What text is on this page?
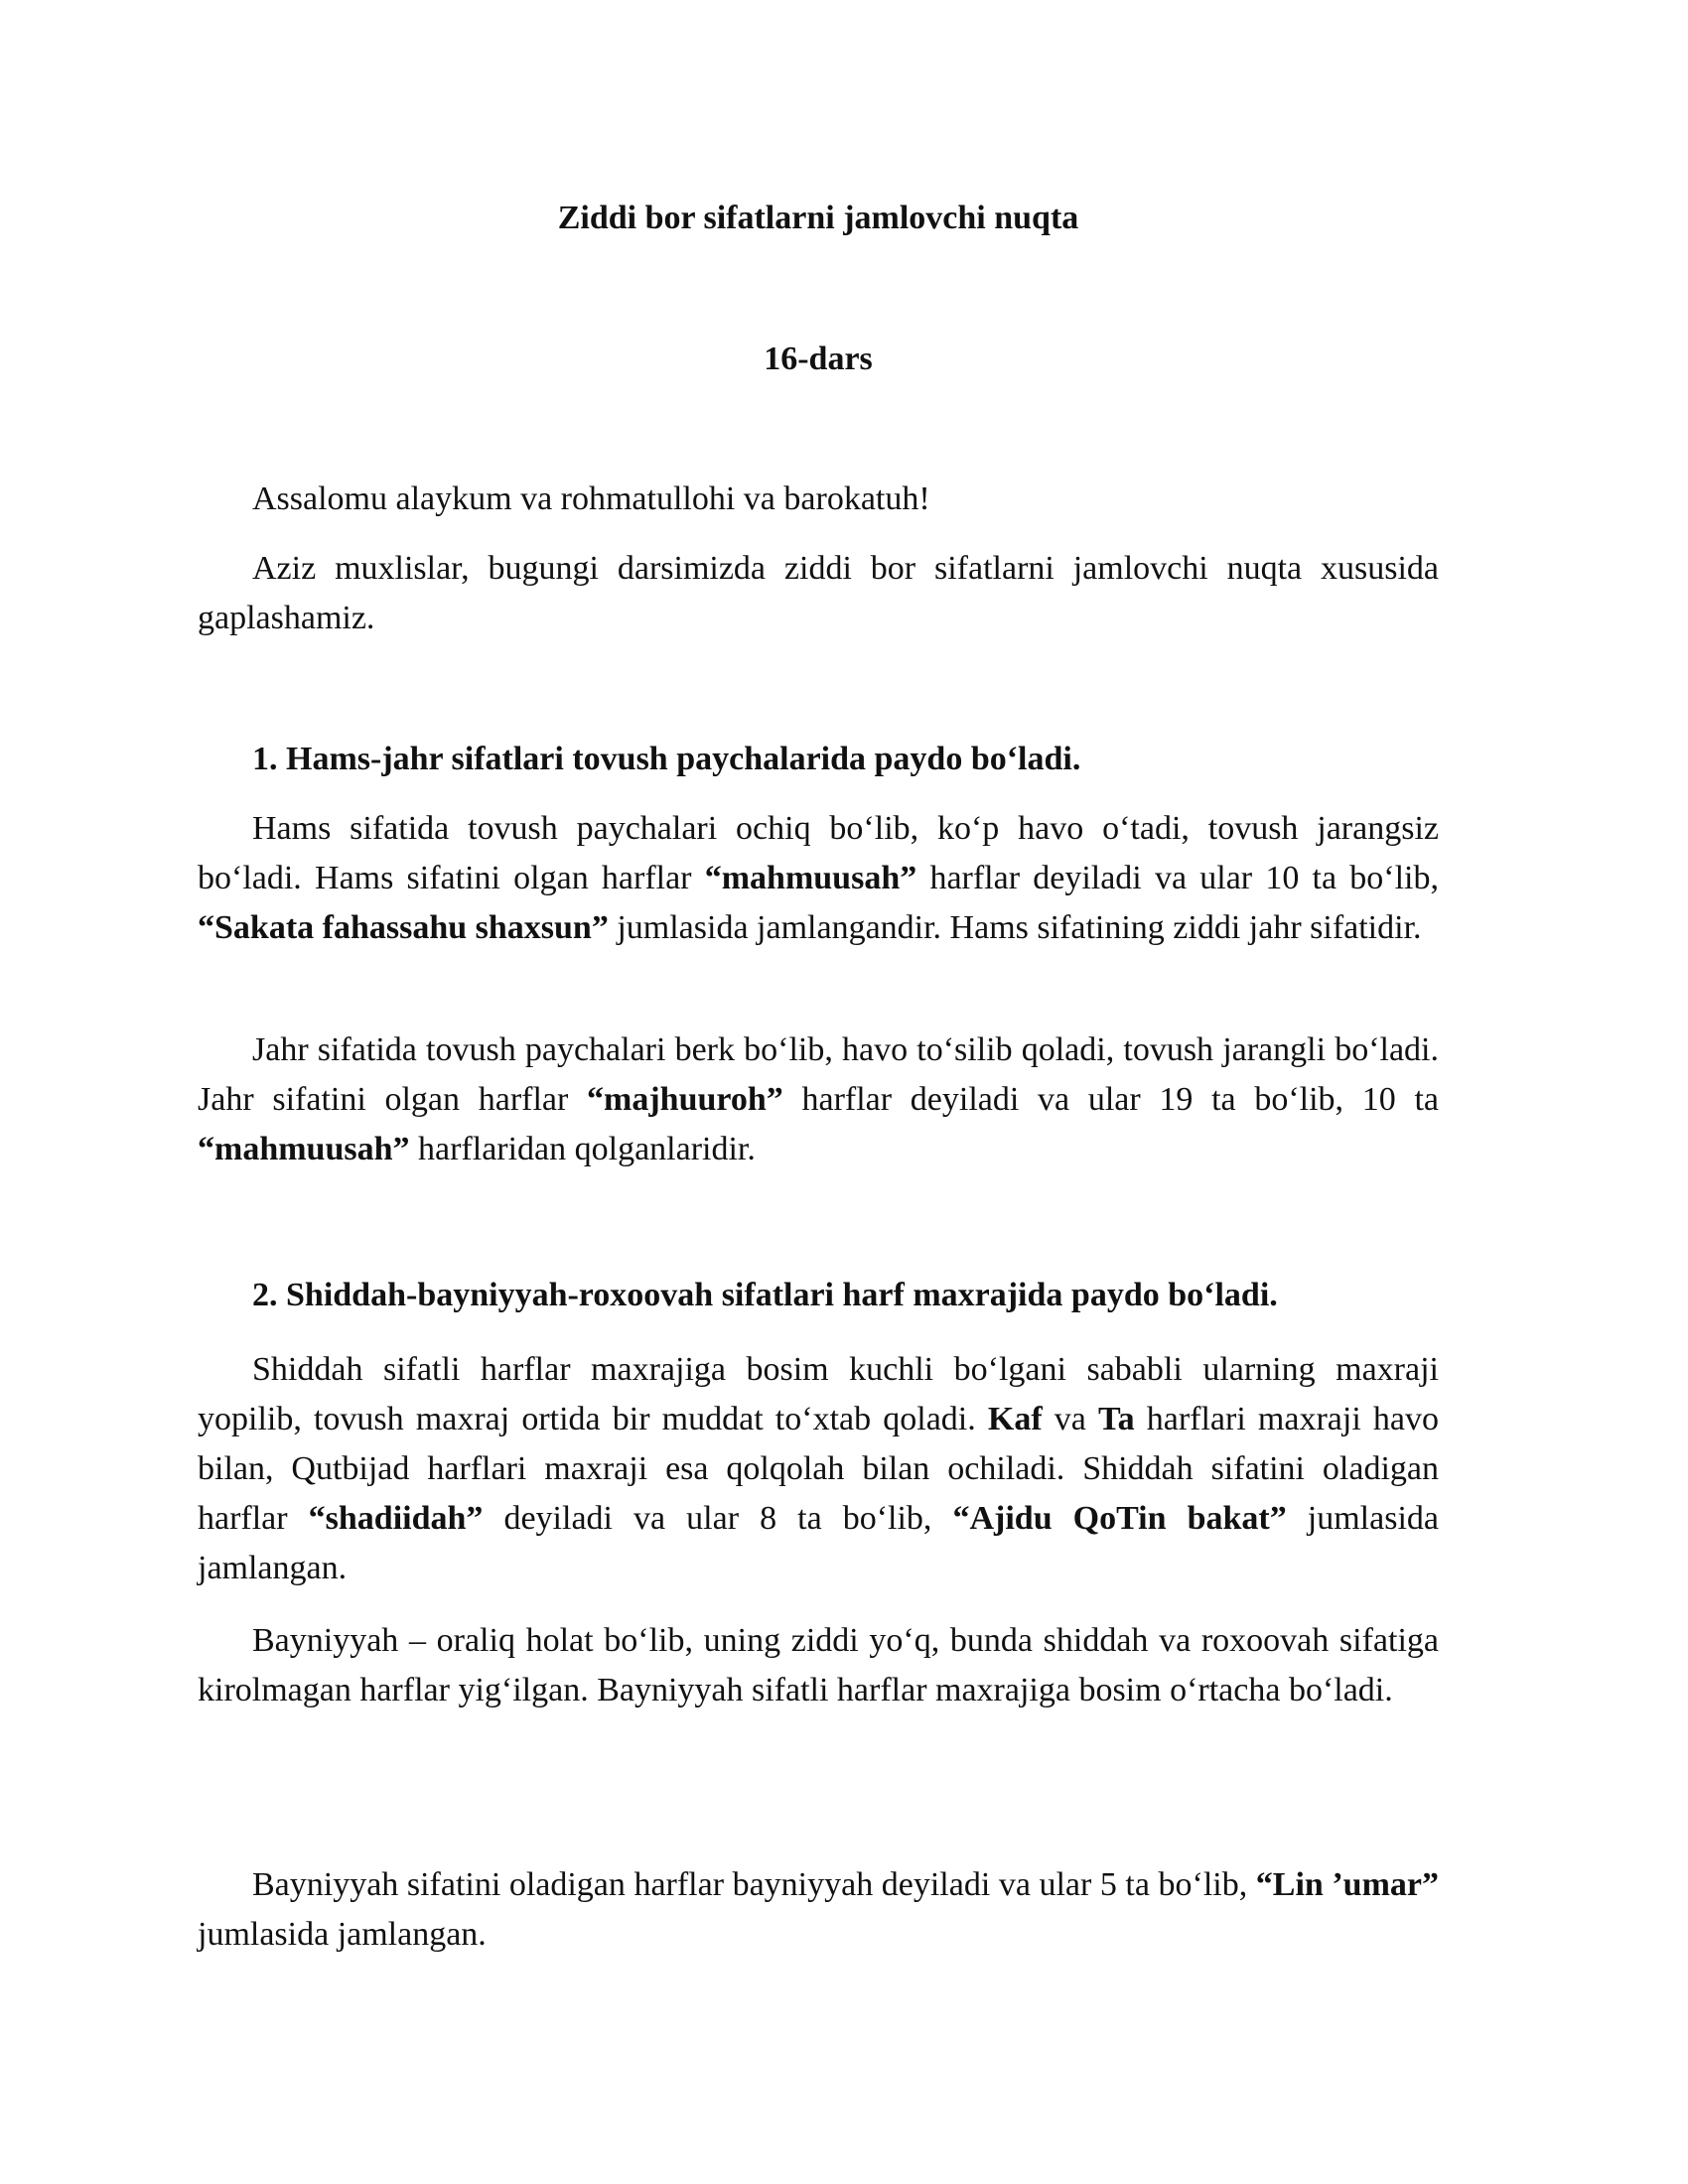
Ziddi bor sifatlarni jamlovchi nuqta
16-dars

Assalomu alaykum va rohmatullohi va barokatuh!

Aziz muxlislar, bugungi darsimizda ziddi bor sifatlarni jamlovchi nuqta xususida gaplashamiz.

1. Hams-jahr sifatlari tovush paychalarida paydo bo‘ladi.

Hams sifatida tovush paychalari ochiq bo‘lib, ko‘p havo o‘tadi, tovush jarangsiz bo‘ladi. Hams sifatini olgan harflar “mahmuusah” harflar deyiladi va ular 10 ta bo‘lib, “Sakata fahassahu shaxsun” jumlasida jamlangandir. Hams sifatining ziddi jahr sifatidir.

Jahr sifatida tovush paychalari berk bo‘lib, havo to‘silib qoladi, tovush jarangli bo‘ladi. Jahr sifatini olgan harflar “majhuuroh” harflar deyiladi va ular 19 ta bo‘lib, 10 ta “mahmuusah” harflaridan qolganlaridir.

2. Shiddah-bayniyyah-roxoovah sifatlari harf maxrajida paydo bo‘ladi.

Shiddah sifatli harflar maxrajiga bosim kuchli bo‘lgani sababli ularning maxraji yopilib, tovush maxraj ortida bir muddat to‘xtab qoladi. Kaf va Ta harflari maxraji havo bilan, Qutbijad harflari maxraji esa qolqolah bilan ochiladi. Shiddah sifatini oladigan harflar “shadiidah” deyiladi va ular 8 ta bo‘lib, “Ajidu QoTin bakat” jumlasida jamlangan.

Bayniyyah – oraliq holat bo‘lib, uning ziddi yo‘q, bunda shiddah va roxoovah sifatiga kirolmagan harflar yig‘ilgan. Bayniyyah sifatli harflar maxrajiga bosim o‘rtacha bo‘ladi.

Bayniyyah sifatini oladigan harflar bayniyyah deyiladi va ular 5 ta bo‘lib, “Lin ’umar” jumlasida jamlangan.
